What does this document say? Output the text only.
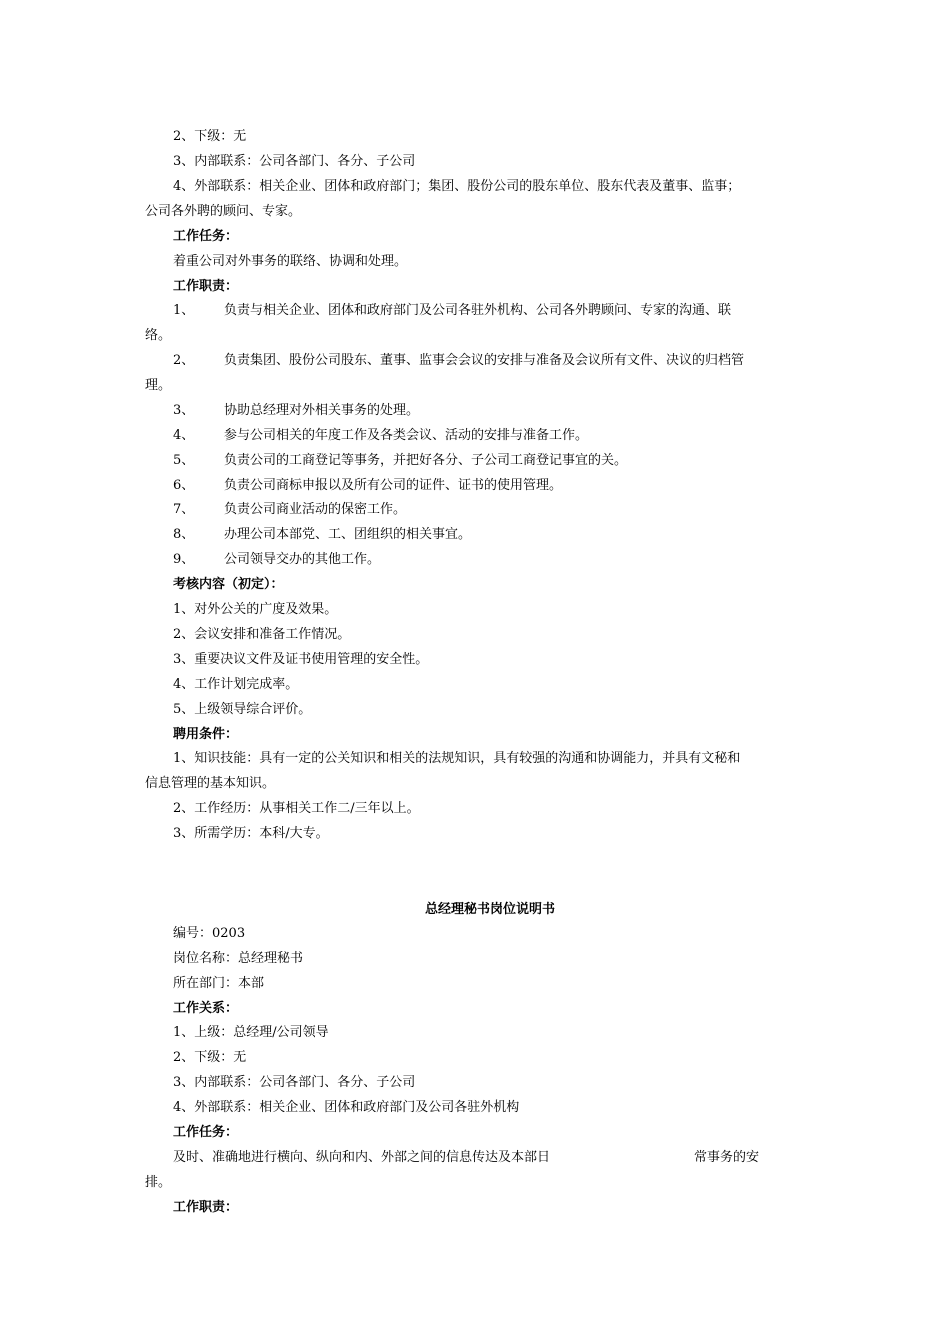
2、下级：无
3、内部联系：公司各部门、各分、子公司
4、外部联系：相关企业、团体和政府部门；集团、股份公司的股东单位、股东代表及董事、监事；
公司各外聘的顾问、专家。
工作任务：
着重公司对外事务的联络、协调和处理。
工作职责：
1、 负责与相关企业、团体和政府部门及公司各驻外机构、公司各外聘顾问、专家的沟通、联
络。
2、 负责集团、股份公司股东、董事、监事会会议的安排与准备及会议所有文件、决议的归档管
理。
3、 协助总经理对外相关事务的处理。
4、 参与公司相关的年度工作及各类会议、活动的安排与准备工作。
5、 负责公司的工商登记等事务，并把好各分、子公司工商登记事宜的关。
6、 负责公司商标申报以及所有公司的证件、证书的使用管理。
7、 负责公司商业活动的保密工作。
8、 办理公司本部党、工、团组织的相关事宜。
9、 公司领导交办的其他工作。
考核内容（初定）：
1、对外公关的广度及效果。
2、会议安排和准备工作情况。
3、重要决议文件及证书使用管理的安全性。
4、工作计划完成率。
5、上级领导综合评价。
聘用条件：
1、知识技能：具有一定的公关知识和相关的法规知识，具有较强的沟通和协调能力，并具有文秘和
信息管理的基本知识。
2、工作经历：从事相关工作二/三年以上。
3、所需学历：本科/大专。
总经理秘书岗位说明书
编号：0203
岗位名称：总经理秘书
所在部门：本部
工作关系：
1、上级：总经理/公司领导
2、下级：无
3、内部联系：公司各部门、各分、子公司
4、外部联系：相关企业、团体和政府部门及公司各驻外机构
工作任务：
及时、准确地进行横向、纵向和内、外部之间的信息传达及本部日	常事务的安
排。
工作职责：
